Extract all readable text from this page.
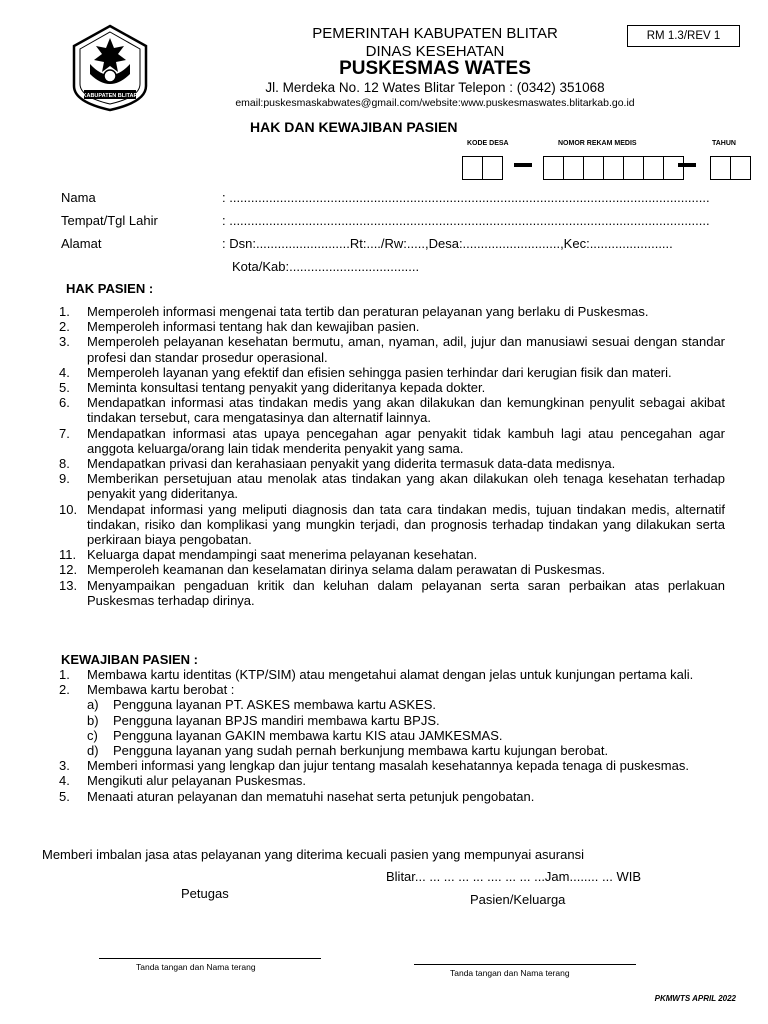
KABUPATEN BLITAR
PEMERINTAH KABUPATEN BLITAR
DINAS KESEHATAN
PUSKESMAS WATES
Jl. Merdeka No. 12 Wates Blitar Telepon : (0342) 351068
email:puskesmaskabwates@gmail.com/website:www.puskesmaswates.blitarkab.go.id
RM 1.3/REV 1
HAK DAN KEWAJIBAN PASIEN
KODE DESA	NOMOR REKAM MEDIS	TAHUN
Nama	: .....................................................................................................................................
Tempat/Tgl Lahir	: .....................................................................................................................................
Alamat	: Dsn:..........................Rt:..../Rw:.....,Desa:...........................,Kec:.......................
Kota/Kab:....................................
HAK PASIEN :
1. Memperoleh informasi mengenai tata tertib dan peraturan pelayanan yang berlaku di Puskesmas.
2. Memperoleh informasi tentang hak dan kewajiban pasien.
3. Memperoleh pelayanan kesehatan bermutu, aman, nyaman, adil, jujur dan manusiawi sesuai dengan standar profesi dan standar prosedur operasional.
4. Memperoleh layanan yang efektif dan efisien sehingga pasien terhindar dari kerugian fisik dan materi.
5. Meminta konsultasi tentang penyakit yang dideritanya kepada dokter.
6. Mendapatkan informasi atas tindakan medis yang akan dilakukan dan kemungkinan penyulit sebagai akibat tindakan tersebut, cara mengatasinya dan alternatif lainnya.
7. Mendapatkan informasi atas upaya pencegahan agar penyakit tidak kambuh lagi atau pencegahan agar anggota keluarga/orang lain tidak menderita penyakit yang sama.
8. Mendapatkan privasi dan kerahasiaan penyakit yang diderita termasuk data-data medisnya.
9. Memberikan persetujuan atau menolak atas tindakan yang akan dilakukan oleh tenaga kesehatan terhadap penyakit yang dideritanya.
10. Mendapat informasi yang meliputi diagnosis dan tata cara tindakan medis, tujuan tindakan medis, alternatif tindakan, risiko dan komplikasi yang mungkin terjadi, dan prognosis terhadap tindakan yang dilakukan serta perkiraan biaya pengobatan.
11. Keluarga dapat mendampingi saat menerima pelayanan kesehatan.
12. Memperoleh keamanan dan keselamatan dirinya selama dalam perawatan di Puskesmas.
13. Menyampaikan pengaduan kritik dan keluhan dalam pelayanan serta saran perbaikan atas perlakuan Puskesmas terhadap dirinya.
KEWAJIBAN PASIEN :
1. Membawa kartu identitas (KTP/SIM) atau mengetahui alamat dengan jelas untuk kunjungan pertama kali.
2. Membawa kartu berobat :
a) Pengguna layanan PT. ASKES membawa kartu ASKES.
b) Pengguna layanan BPJS mandiri membawa kartu BPJS.
c) Pengguna layanan GAKIN membawa kartu KIS atau JAMKESMAS.
d) Pengguna layanan yang sudah pernah berkunjung membawa kartu kujungan berobat.
3. Memberi informasi yang lengkap dan jujur tentang masalah kesehatannya kepada tenaga di puskesmas.
4. Mengikuti alur pelayanan Puskesmas.
5. Menaati aturan pelayanan dan mematuhi nasehat serta petunjuk pengobatan.
Memberi imbalan jasa atas pelayanan yang diterima kecuali pasien yang mempunyai asuransi
Blitar... ... ... ... ... .... ... ... ...Jam........ ... WIB
Petugas	Pasien/Keluarga
Tanda tangan dan Nama terang
Tanda tangan dan Nama terang
PKMWTS APRIL 2022
